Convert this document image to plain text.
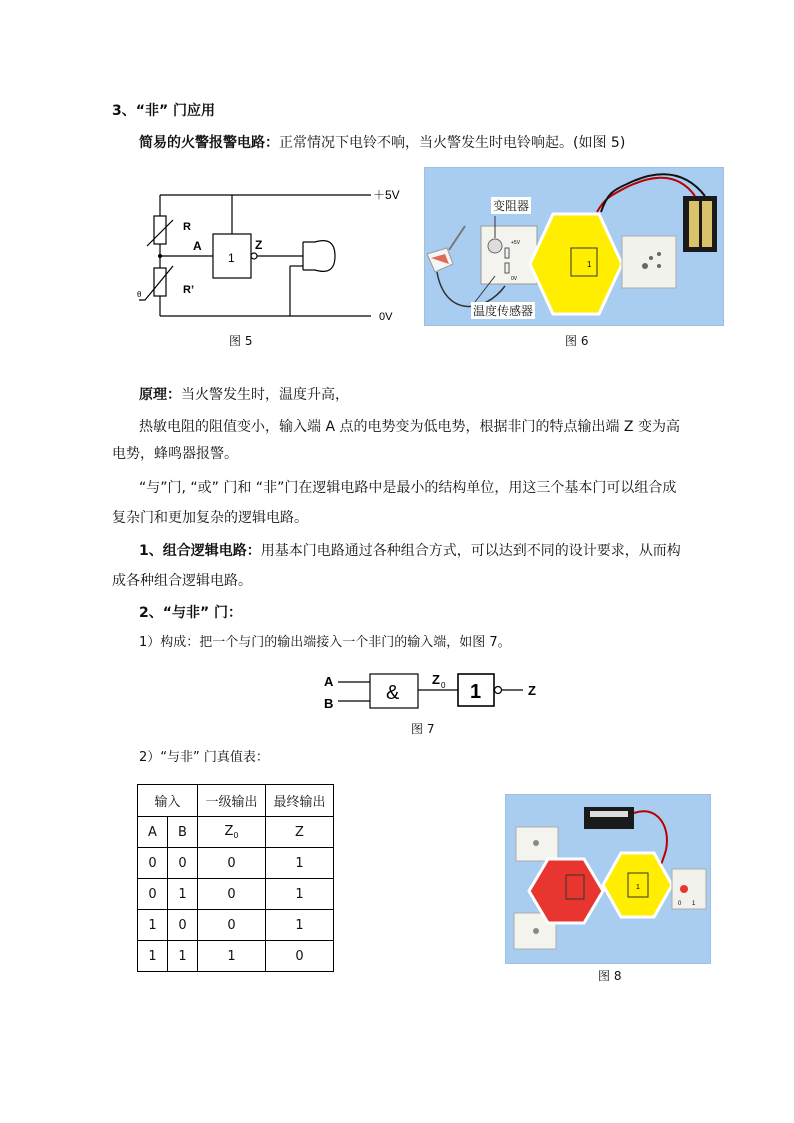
3、“非” 门应用
简易的火警报警电路：正常情况下电铃不响，当火警发生时电铃响起。(如图 5)
R
R’
A	Z
1
＋5V
0V
θ
图 5
+5V
0V
1
变阻器
温度传感器
图 6
原理：当火警发生时，温度升高，
热敏电阻的阻值变小，输入端 A 点的电势变为低电势，根据非门的特点输出端 Z 变为高
电势，蜂鸣器报警。
“与”门, “或” 门和 “非”门在逻辑电路中是最小的结构单位，用这三个基本门可以组合成
复杂门和更加复杂的逻辑电路。
1、组合逻辑电路：用基本门电路通过各种组合方式，可以达到不同的设计要求，从而构
成各种组合逻辑电路。
2、“与非” 门：
1）构成：把一个与门的输出端接入一个非门的输入端，如图 7。
A
B	&
Z 0 1	Z
图 7
2）“与非” 门真值表：
输入		一级输出	最终输出
A	B	$Z_0$	Z
0	0	0	1
0	1	0	1
1	0	0	1
1	1	1	0
1
0 1
图 8
